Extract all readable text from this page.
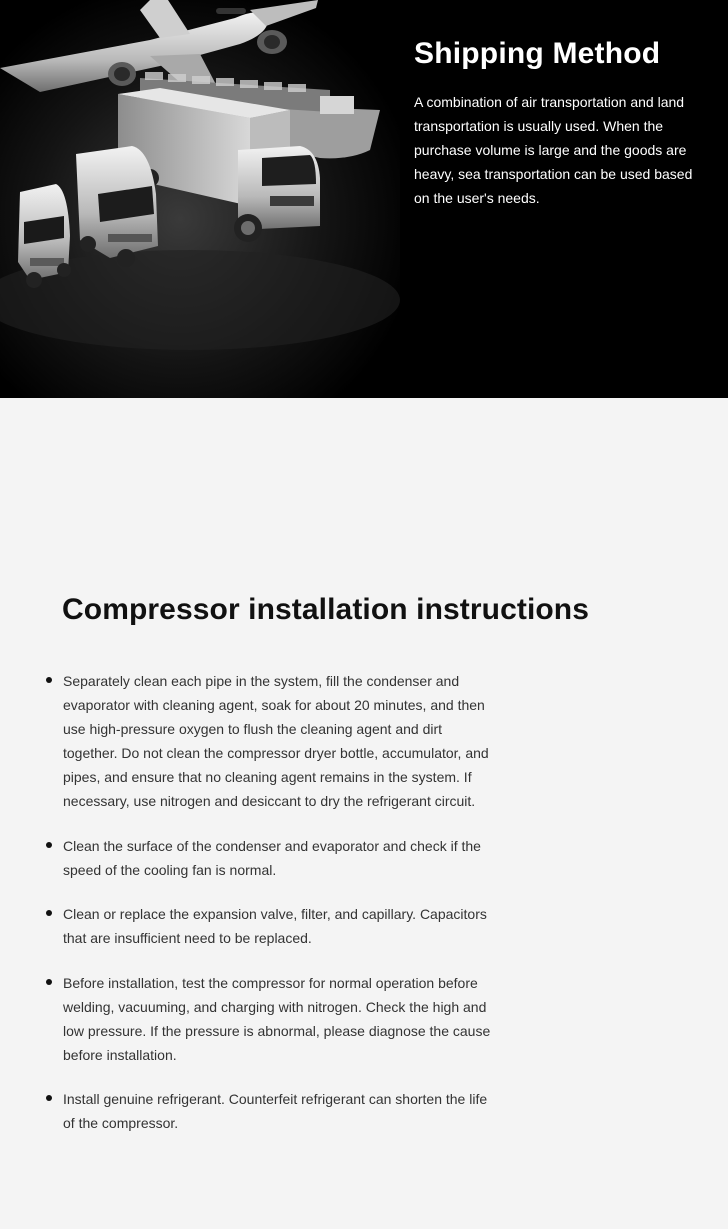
Shipping Method

A combination of air transportation and land transportation is usually used. When the purchase volume is large and the goods are heavy, sea transportation can be used based on the user's needs.

Compressor installation instructions
Separately clean each pipe in the system, fill the condenser and evaporator with cleaning agent, soak for about 20 minutes, and then use high-pressure oxygen to flush the cleaning agent and dirt together. Do not clean the compressor dryer bottle, accumulator, and pipes, and ensure that no cleaning agent remains in the system. If necessary, use nitrogen and desiccant to dry the refrigerant circuit.
Clean the surface of the condenser and evaporator and check if the speed of the cooling fan is normal.
Clean or replace the expansion valve, filter, and capillary. Capacitors that are insufficient need to be replaced.
Before installation, test the compressor for normal operation before welding, vacuuming, and charging with nitrogen. Check the high and low pressure. If the pressure is abnormal, please diagnose the cause before installation.
Install genuine refrigerant. Counterfeit refrigerant can shorten the life of the compressor.
